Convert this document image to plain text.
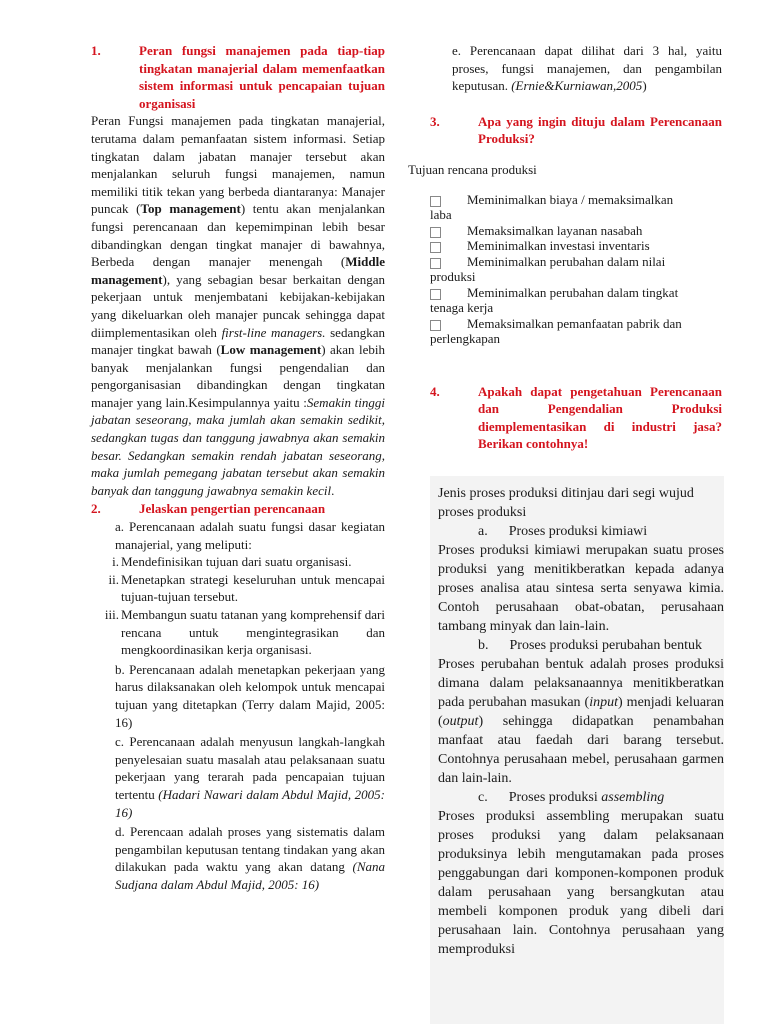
1.	Peran fungsi manajemen pada tiap-tiap tingkatan manajerial dalam memenfaatkan sistem informasi untuk pencapaian tujuan organisasi

Peran Fungsi manajemen pada tingkatan manajerial, terutama dalam pemanfaatan sistem informasi. Setiap tingkatan dalam jabatan manajer tersebut akan menjalankan seluruh fungsi manajemen, namun memiliki titik tekan yang berbeda diantaranya: Manajer puncak (Top management) tentu akan menjalankan fungsi perencanaan dan kepemimpinan lebih besar dibandingkan dengan tingkat manajer di bawahnya, Berbeda dengan manajer menengah (Middle management), yang sebagian besar berkaitan dengan pekerjaan untuk menjembatani kebijakan-kebijakan yang dikeluarkan oleh manajer puncak sehingga dapat diimplementasikan oleh first-line managers. sedangkan manajer tingkat bawah (Low management) akan lebih banyak menjalankan fungsi pengendalian dan pengorganisasian dibandingkan dengan tingkatan manajer yang lain.Kesimpulannya yaitu :Semakin tinggi jabatan seseorang, maka jumlah akan semakin sedikit, sedangkan tugas dan tanggung jawabnya akan semakin besar. Sedangkan semakin rendah jabatan seseorang, maka jumlah pemegang jabatan tersebut akan semakin banyak dan tanggung jawabnya semakin kecil.

2.	Jelaskan pengertian perencanaan

a. Perencanaan adalah suatu fungsi dasar kegiatan manajerial, yang meliputi:

i. Mendefinisikan tujuan dari suatu organisasi.
ii. Menetapkan strategi keseluruhan untuk mencapai tujuan-tujuan tersebut.
iii. Membangun suatu tatanan yang komprehensif dari rencana untuk mengintegrasikan dan mengkoordinasikan kerja organisasi.

b. Perencanaan adalah menetapkan pekerjaan yang harus dilaksanakan oleh kelompok untuk mencapai tujuan yang ditetapkan (Terry dalam Majid, 2005: 16)

c. Perencanaan adalah menyusun langkah-langkah penyelesaian suatu masalah atau pelaksanaan suatu pekerjaan yang terarah pada pencapaian tujuan tertentu (Hadari Nawari dalam Abdul Majid, 2005: 16)

d. Perencaan adalah proses yang sistematis dalam pengambilan keputusan tentang tindakan yang akan dilakukan pada waktu yang akan datang (Nana Sudjana dalam Abdul Majid, 2005: 16)

e. Perencanaan dapat dilihat dari 3 hal, yaitu proses, fungsi manajemen, dan pengambilan keputusan. (Ernie&Kurniawan,2005)

3.	Apa yang ingin dituju dalam Perencanaan Produksi?

Tujuan rencana produksi

Meminimalkan biaya / memaksimalkan
laba
Memaksimalkan layanan nasabah
Meminimalkan investasi inventaris
Meminimalkan perubahan dalam nilai
produksi
Meminimalkan perubahan dalam tingkat
tenaga kerja
Memaksimalkan pemanfaatan pabrik dan
perlengkapan
4.	Apakah dapat pengetahuan Perencanaan dan Pengendalian Produksi diemplementasikan di industri jasa? Berikan contohnya!

Jenis proses produksi ditinjau dari segi wujud proses produksi

a.      Proses produksi kimiawi

Proses produksi kimiawi merupakan suatu proses produksi yang menitikberatkan kepada adanya proses analisa atau sintesa serta senyawa kimia. Contoh perusahaan obat-obatan, perusahaan tambang minyak dan lain-lain.

b.      Proses produksi perubahan bentuk

Proses perubahan bentuk adalah proses produksi dimana dalam pelaksanaannya menitikberatkan pada perubahan masukan (input) menjadi keluaran (output) sehingga didapatkan penambahan manfaat atau faedah dari barang tersebut. Contohnya perusahaan mebel, perusahaan garmen dan lain-lain.

c.      Proses produksi assembling

Proses produksi assembling merupakan suatu proses produksi yang dalam pelaksanaan produksinya lebih mengutamakan pada proses penggabungan dari komponen-komponen produk dalam perusahaan yang bersangkutan atau membeli komponen produk yang dibeli dari perusahaan lain. Contohnya perusahaan yang memproduksi
